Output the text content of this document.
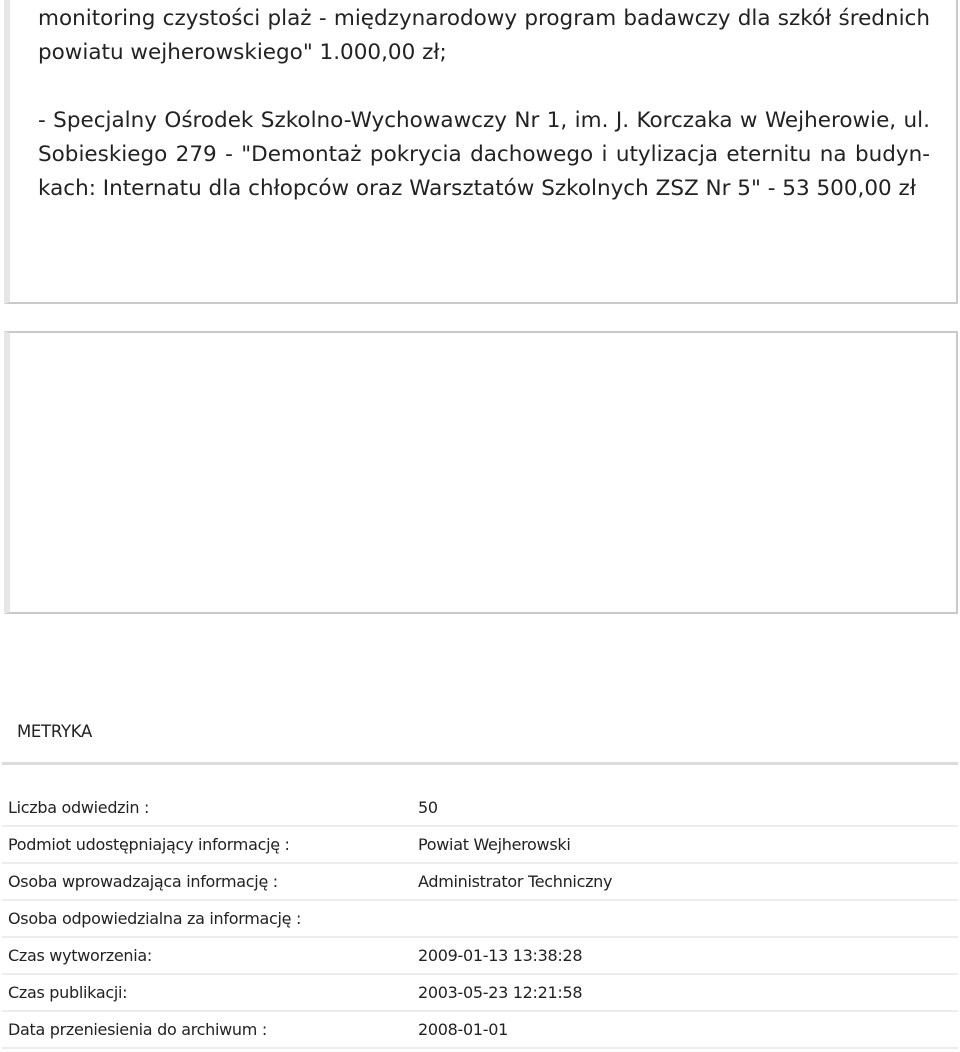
monitoring czystości plaż - międzynarodowy program badawczy dla szkół średnich powiatu wejherowskiego" 1.000,00 zł;

- Specjalny Ośrodek Szkolno-Wychowawczy Nr 1, im. J. Korczaka w Wejherowie, ul. Sobieskiego 279 - "Demontaż pokrycia dachowego i utylizacja eternitu na budyn-kach: Internatu dla chłopców oraz Warsztatów Szkolnych ZSZ Nr 5" - 53 500,00 zł

METRYKA
Liczba odwiedzin :	50
Podmiot udostępniający informację :	Powiat Wejherowski
Osoba wprowadzająca informację :	Administrator Techniczny
Osoba odpowiedzialna za informację :
Czas wytworzenia:	2009-01-13 13:38:28
Czas publikacji:	2003-05-23 12:21:58
Data przeniesienia do archiwum :	2008-01-01
